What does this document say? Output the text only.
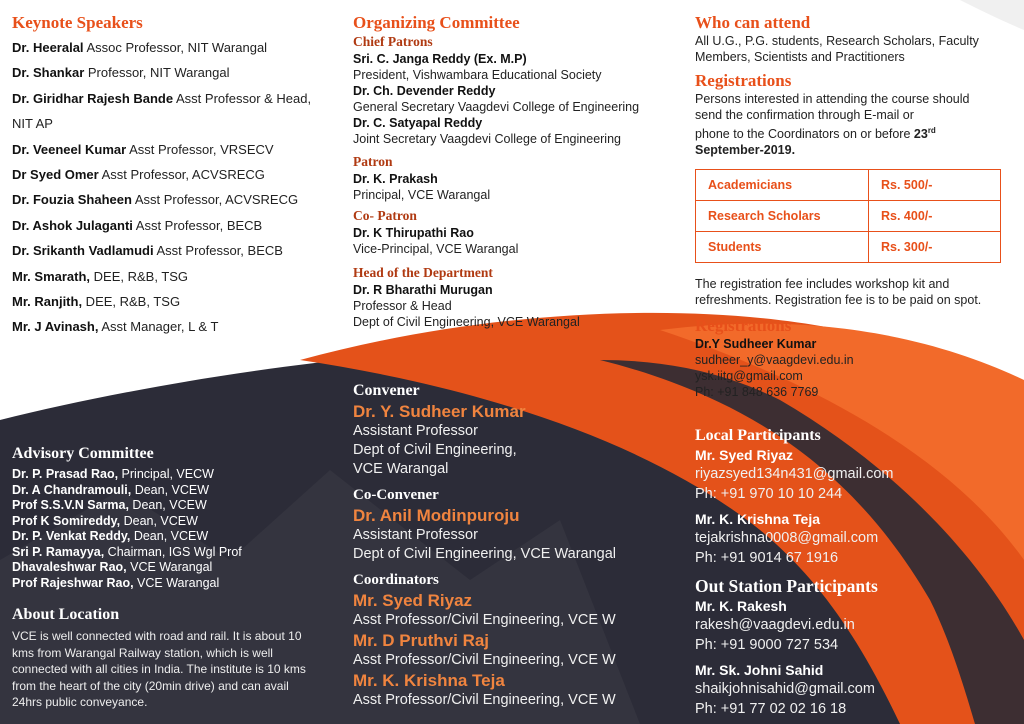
Keynote Speakers
Dr. Heeralal Assoc Professor, NIT Warangal
Dr. Shankar Professor, NIT Warangal
Dr. Giridhar Rajesh Bande Asst Professor & Head,
NIT AP
Dr. Veeneel Kumar Asst Professor, VRSECV
Dr Syed Omer Asst Professor, ACVSRECG
Dr. Fouzia Shaheen Asst Professor, ACVSRECG
Dr. Ashok Julaganti Asst Professor, BECB
Dr. Srikanth Vadlamudi Asst Professor, BECB
Mr. Smarath, DEE, R&B, TSG
Mr. Ranjith, DEE, R&B, TSG
Mr. J Avinash, Asst Manager, L & T
Organizing Committee
Chief Patrons
Sri. C. Janga Reddy (Ex. M.P)
President, Vishwambara Educational Society
Dr. Ch. Devender Reddy
General Secretary Vaagdevi College of Engineering
Dr. C. Satyapal Reddy
Joint Secretary Vaagdevi College of Engineering
Patron
Dr. K. Prakash
Principal, VCE Warangal
Co- Patron
Dr. K Thirupathi Rao
Vice-Principal, VCE Warangal
Head of the Department
Dr. R Bharathi Murugan
Professor & Head
Dept of Civil Engineering, VCE Warangal
Who can attend
All U.G., P.G. students, Research Scholars, Faculty
Members, Scientists and Practitioners
Registrations
Persons interested in attending the course should
send the confirmation through E-mail or
phone to the Coordinators on or before 23rd
September-2019.
Academicians	Rs. 500/-
Research Scholars	Rs. 400/-
Students	Rs. 300/-
The registration fee includes workshop kit and
refreshments. Registration fee is to be paid on spot.
Registrations
Dr.Y Sudheer Kumar
sudheer_y@vaagdevi.edu.in
ysk.iitg@gmail.com
Ph: +91 848 636 7769
Advisory Committee
Dr. P. Prasad Rao, Principal, VECW
Dr. A Chandramouli, Dean, VCEW
Prof S.S.V.N Sarma, Dean, VCEW
Prof K Somireddy, Dean, VCEW
Dr. P. Venkat Reddy, Dean, VCEW
Sri P. Ramayya, Chairman, IGS Wgl Prof
Dhavaleshwar Rao, VCE Warangal
Prof Rajeshwar Rao, VCE Warangal
About Location
VCE is well connected with road and rail. It is about 10
kms from Warangal Railway station, which is well
connected with all cities in India. The institute is 10 kms
from the heart of the city (20min drive) and can avail
24hrs public conveyance.
Convener
Dr. Y. Sudheer Kumar
Assistant Professor
Dept of Civil Engineering,
VCE Warangal
Co-Convener
Dr. Anil Modinpuroju
Assistant Professor
Dept of Civil Engineering, VCE Warangal
Coordinators
Mr. Syed Riyaz
Asst Professor/Civil Engineering, VCE W
Mr. D Pruthvi Raj
Asst Professor/Civil Engineering, VCE W
Mr. K. Krishna Teja
Asst Professor/Civil Engineering, VCE W
Local Participants
Mr. Syed Riyaz
riyazsyed134n431@gmail.com
Ph: +91 970 10 10 244
Mr. K. Krishna Teja
tejakrishna0008@gmail.com
Ph: +91 9014 67 1916
Out Station Participants
Mr. K. Rakesh
rakesh@vaagdevi.edu.in
Ph: +91 9000 727 534
Mr. Sk. Johni Sahid
shaikjohnisahid@gmail.com
Ph: +91 77 02 02 16 18
